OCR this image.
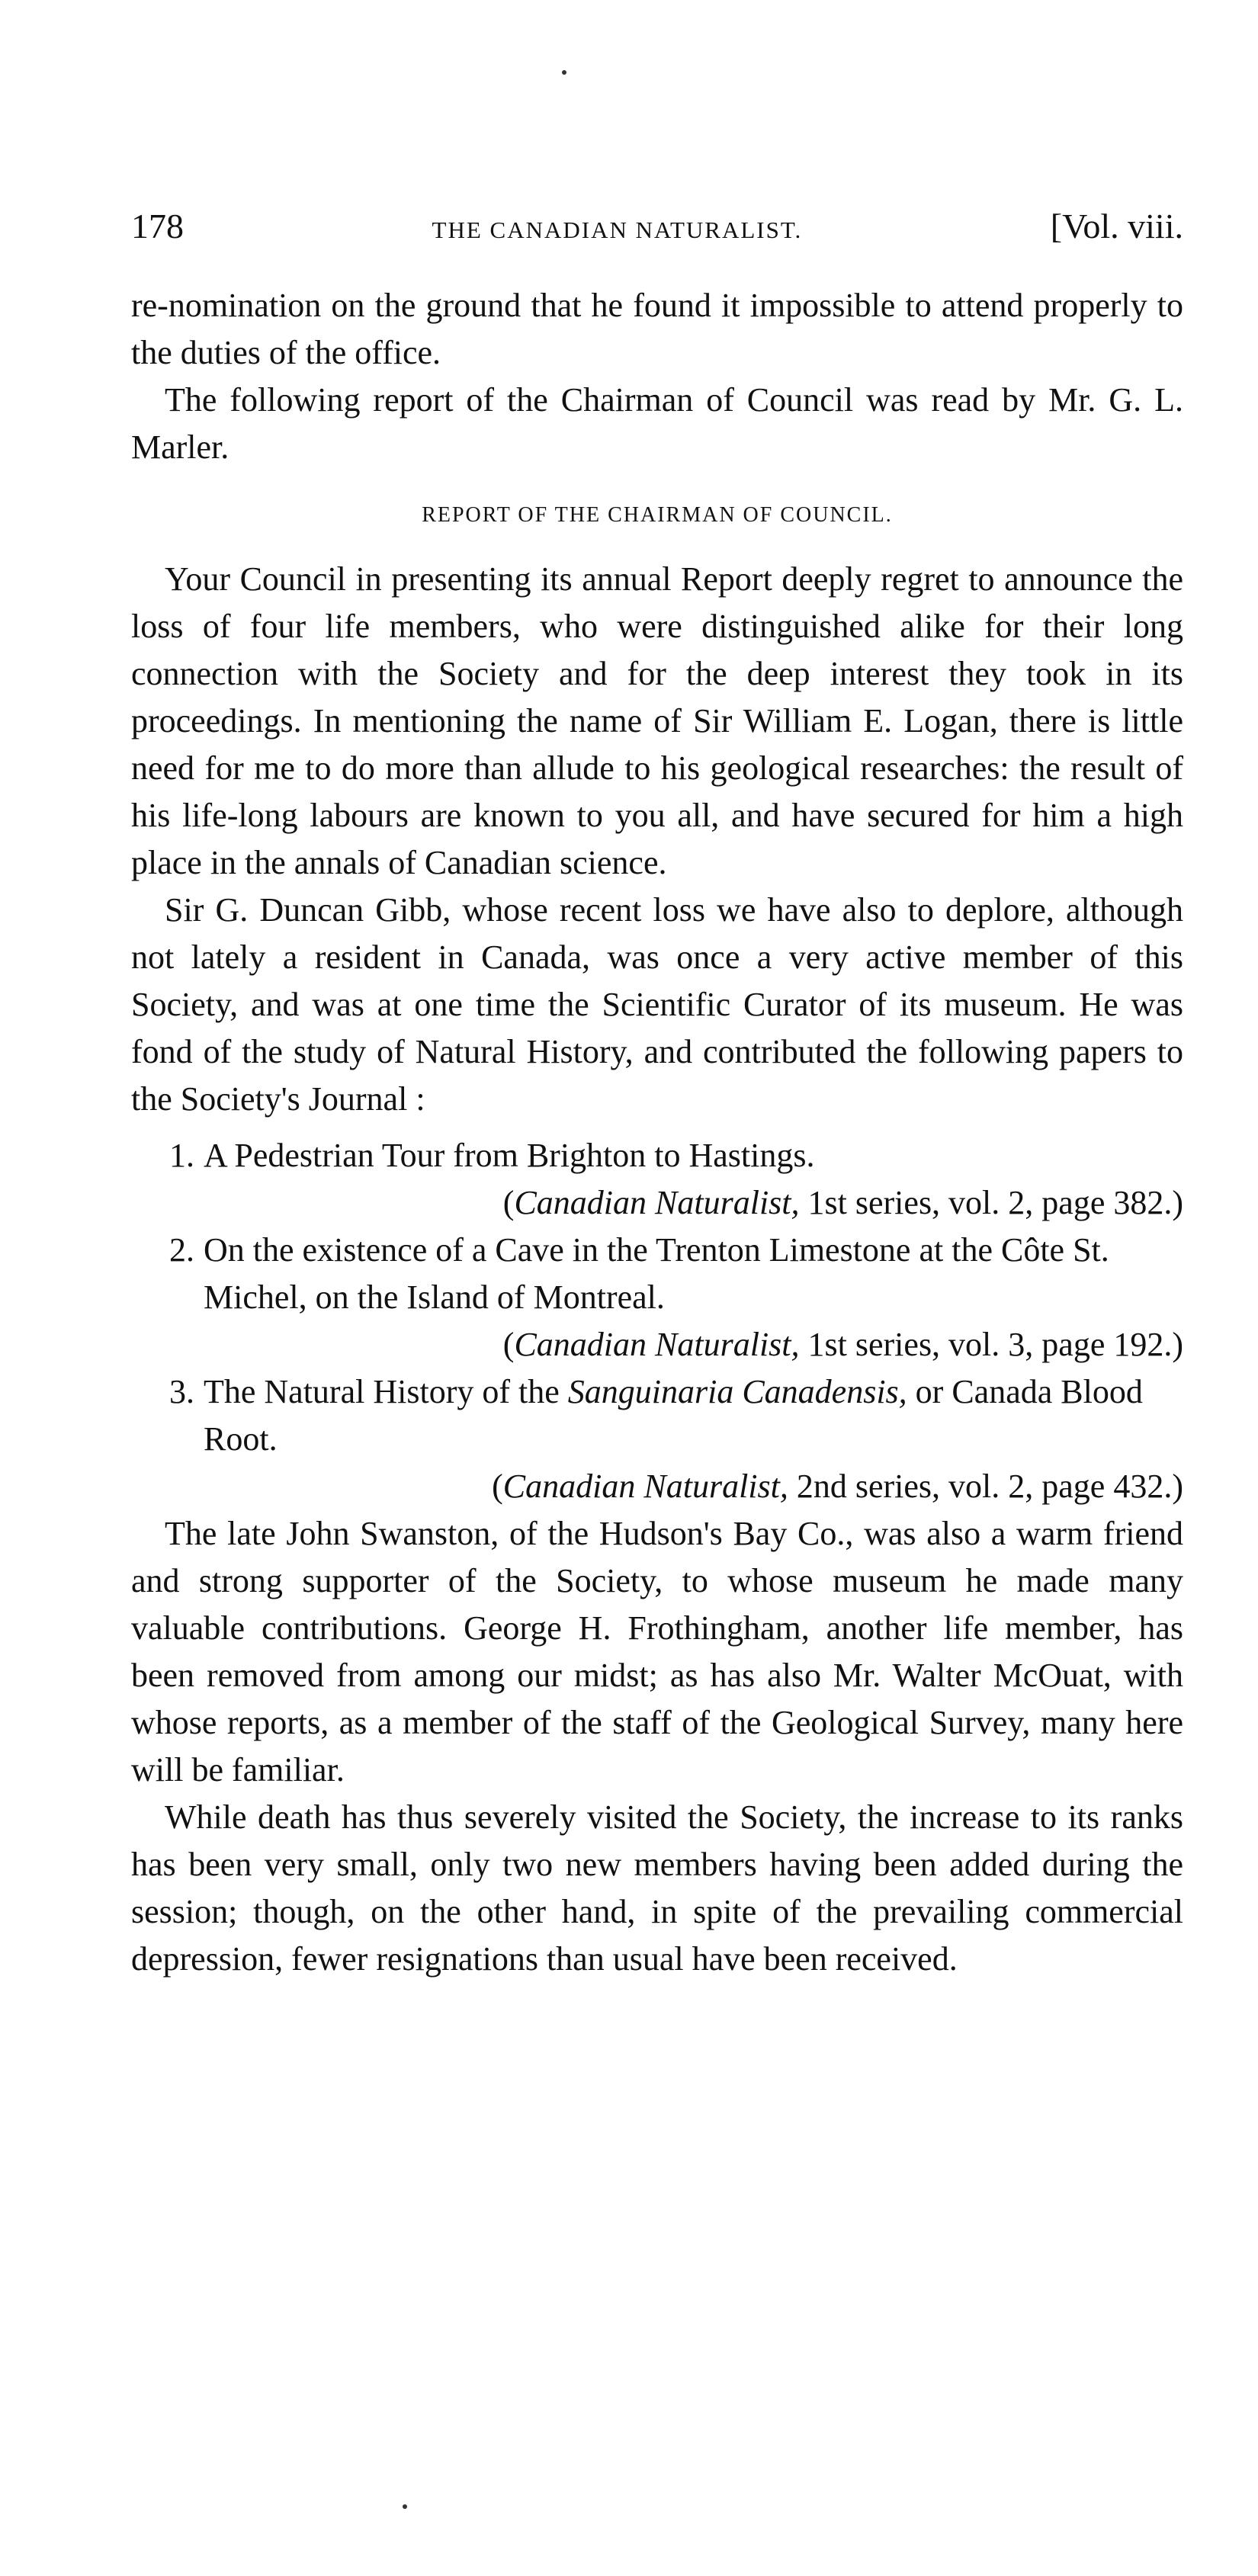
178	THE CANADIAN NATURALIST.	[Vol. viii.

re-nomination on the ground that he found it impossible to attend properly to the duties of the office.

The following report of the Chairman of Council was read by Mr. G. L. Marler.

REPORT OF THE CHAIRMAN OF COUNCIL.

Your Council in presenting its annual Report deeply regret to announce the loss of four life members, who were distinguished alike for their long connection with the Society and for the deep interest they took in its proceedings. In mentioning the name of Sir William E. Logan, there is little need for me to do more than allude to his geological researches: the result of his life-long labours are known to you all, and have secured for him a high place in the annals of Canadian science.

Sir G. Duncan Gibb, whose recent loss we have also to deplore, although not lately a resident in Canada, was once a very active member of this Society, and was at one time the Scientific Curator of its museum. He was fond of the study of Natural History, and contributed the following papers to the Society's Journal :

1. A Pedestrian Tour from Brighton to Hastings.
(Canadian Naturalist, 1st series, vol. 2, page 382.)
2. On the existence of a Cave in the Trenton Limestone at the Côte St. Michel, on the Island of Montreal.
(Canadian Naturalist, 1st series, vol. 3, page 192.)
3. The Natural History of the Sanguinaria Canadensis, or Canada Blood Root.
(Canadian Naturalist, 2nd series, vol. 2, page 432.)

The late John Swanston, of the Hudson's Bay Co., was also a warm friend and strong supporter of the Society, to whose museum he made many valuable contributions. George H. Frothingham, another life member, has been removed from among our midst; as has also Mr. Walter McOuat, with whose reports, as a member of the staff of the Geological Survey, many here will be familiar.

While death has thus severely visited the Society, the increase to its ranks has been very small, only two new members having been added during the session; though, on the other hand, in spite of the prevailing commercial depression, fewer resignations than usual have been received.
